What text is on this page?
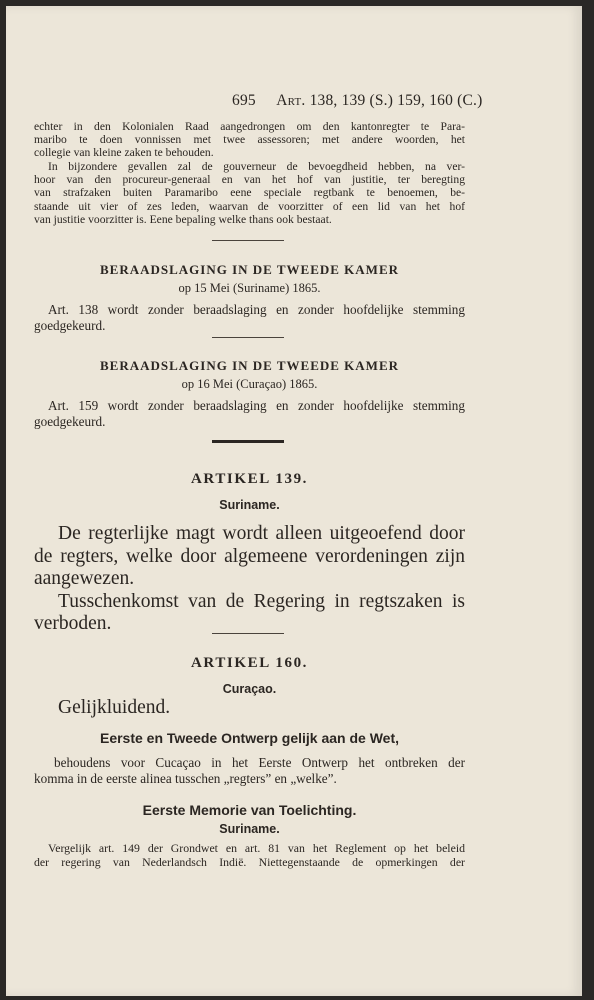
695 Art. 138, 139 (S.) 159, 160 (C.)
echter in den Kolonialen Raad aangedrongen om den kantonregter te Para-
maribo te doen vonnissen met twee assessoren; met andere woorden, het
collegie van kleine zaken te behouden.
In bijzondere gevallen zal de gouverneur de bevoegdheid hebben, na ver-
hoor van den procureur-generaal en van het hof van justitie, ter beregting
van strafzaken buiten Paramaribo eene speciale regtbank te benoemen, be-
staande uit vier of zes leden, waarvan de voorzitter of een lid van het hof
van justitie voorzitter is. Eene bepaling welke thans ook bestaat.
BERAADSLAGING IN DE TWEEDE KAMER
op 15 Mei (Suriname) 1865.
Art. 138 wordt zonder beraadslaging en zonder hoofdelijke stemming
goedgekeurd.
BERAADSLAGING IN DE TWEEDE KAMER
op 16 Mei (Curaçao) 1865.
Art. 159 wordt zonder beraadslaging en zonder hoofdelijke stemming
goedgekeurd.
ARTIKEL 139.
Suriname.
De regterlijke magt wordt alleen uitgeoefend door
de regters, welke door algemeene verordeningen zijn
aangewezen.
Tusschenkomst van de Regering in regtszaken is
verboden.
ARTIKEL 160.
Curaçao.
Gelijkluidend.
Eerste en Tweede Ontwerp gelijk aan de Wet,
behoudens voor Cucaçao in het Eerste Ontwerp het ontbreken der
komma in de eerste alinea tusschen „regters” en „welke”.
Eerste Memorie van Toelichting.
Suriname.
Vergelijk art. 149 der Grondwet en art. 81 van het Reglement op het beleid
der regering van Nederlandsch Indië. Niettegenstaande de opmerkingen der
